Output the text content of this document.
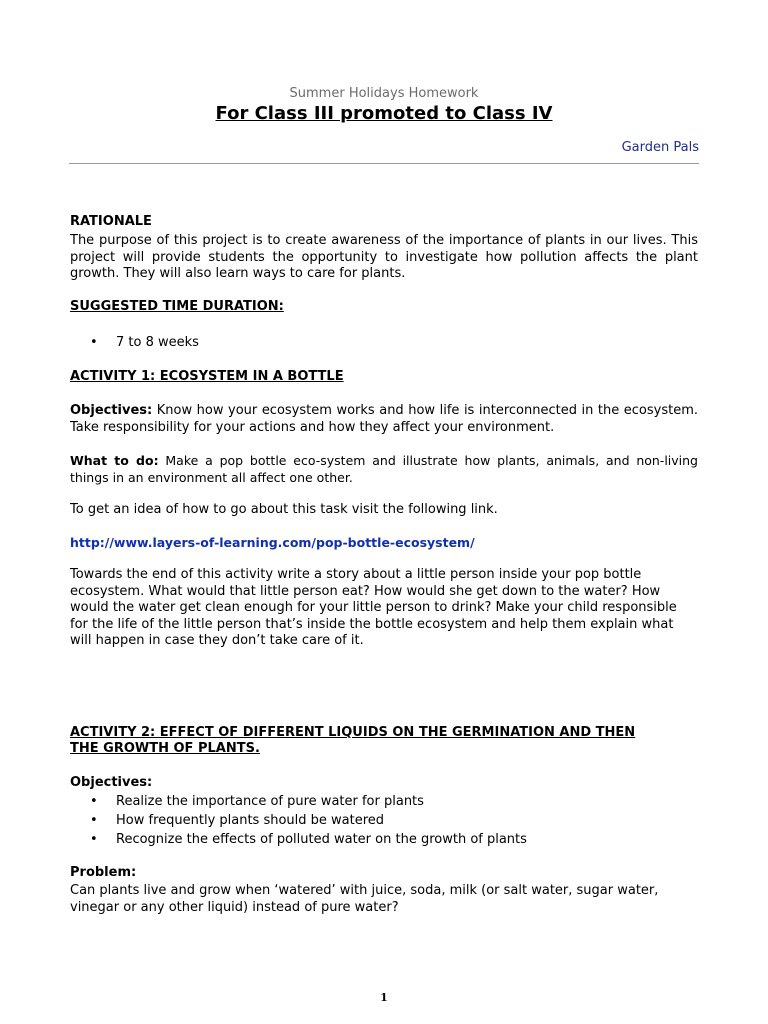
Summer Holidays Homework
For Class III promoted to Class IV
Garden Pals
RATIONALE
The purpose of this project is to create awareness of the importance of plants in our lives. This project will provide students the opportunity to investigate how pollution affects the plant growth. They will also learn ways to care for plants.
SUGGESTED TIME DURATION:
• 7 to 8 weeks
ACTIVITY 1: ECOSYSTEM IN A BOTTLE
Objectives: Know how your ecosystem works and how life is interconnected in the ecosystem. Take responsibility for your actions and how they affect your environment.
What to do: Make a pop bottle eco-system and illustrate how plants, animals, and non-living things in an environment all affect one other.
To get an idea of how to go about this task visit the following link.
http://www.layers-of-learning.com/pop-bottle-ecosystem/
Towards the end of this activity write a story about a little person inside your pop bottle ecosystem. What would that little person eat? How would she get down to the water? How would the water get clean enough for your little person to drink? Make your child responsible for the life of the little person that’s inside the bottle ecosystem and help them explain what will happen in case they don’t take care of it.
ACTIVITY 2: EFFECT OF DIFFERENT LIQUIDS ON THE GERMINATION AND THEN
THE GROWTH OF PLANTS.
Objectives:
• Realize the importance of pure water for plants
• How frequently plants should be watered
• Recognize the effects of polluted water on the growth of plants
Problem:
Can plants live and grow when ‘watered’ with juice, soda, milk (or salt water, sugar water, vinegar or any other liquid) instead of pure water?
1
